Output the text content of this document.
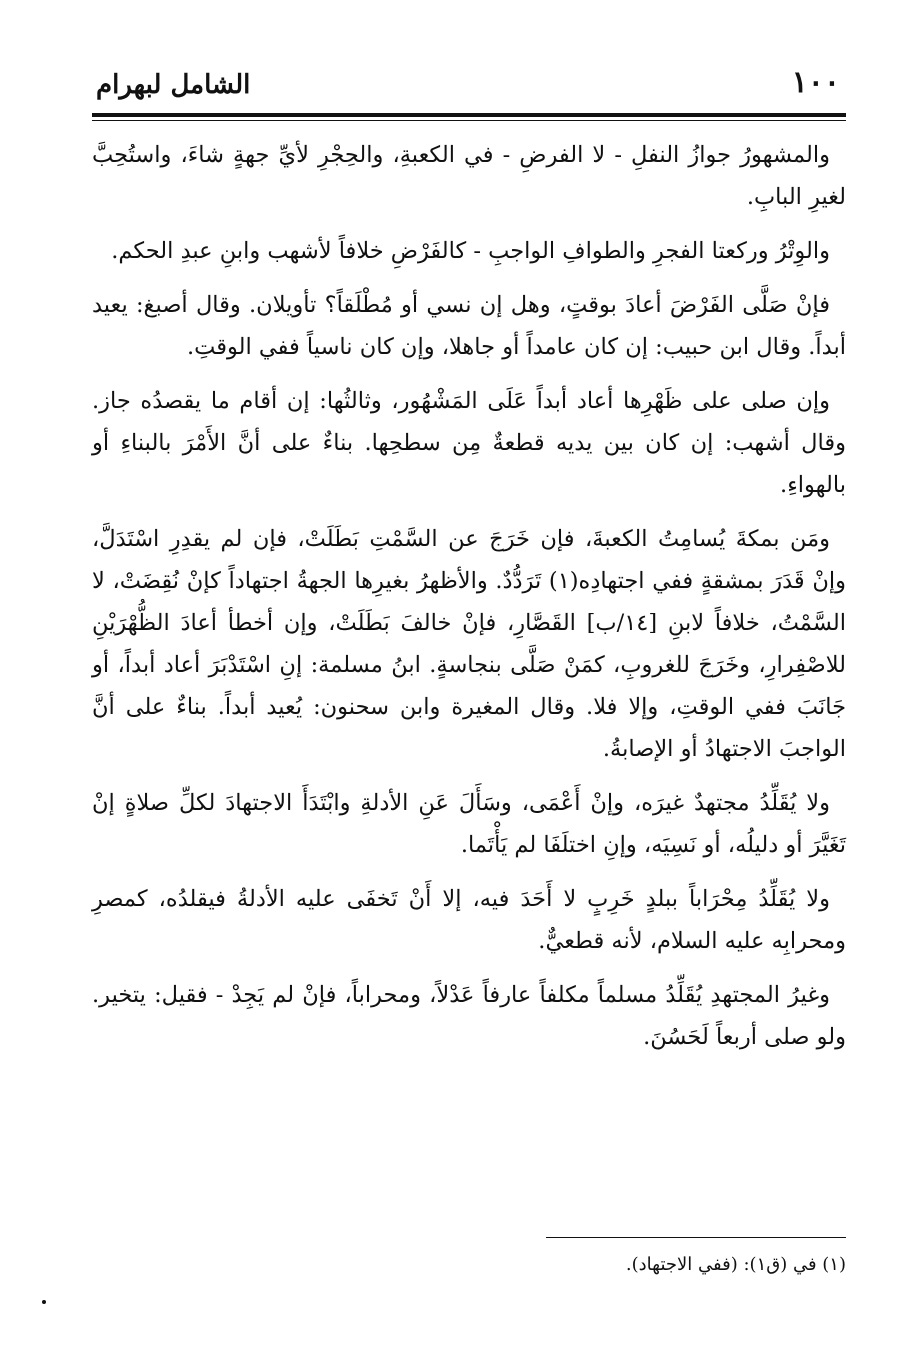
١٠٠
الشامل لبهرام

والمشهورُ جوازُ النفلِ - لا الفرضِ - في الكعبةِ، والحِجْرِ لأيِّ جهةٍ شاءَ، واستُحِبَّ لغيرِ البابِ.

والوِتْرُ وركعتا الفجرِ والطوافِ الواجبِ - كالفَرْضِ خلافاً لأشهب وابنِ عبدِ الحكم.

فإنْ صَلَّى الفَرْضَ أعادَ بوقتٍ، وهل إن نسي أو مُطْلَقاً؟ تأويلان. وقال أصبغ: يعيد أبداً. وقال ابن حبيب: إن كان عامداً أو جاهلا، وإن كان ناسياً ففي الوقتِ.

وإن صلى على ظَهْرِها أعاد أبداً عَلَى المَشْهُور، وثالثُها: إن أقام ما يقصدُه جاز. وقال أشهب: إن كان بين يديه قطعةٌ مِن سطحِها. بناءٌ على أنَّ الأَمْرَ بالبناءِ أو بالهواءِ.

ومَن بمكةَ يُسامِتُ الكعبةَ، فإن خَرَجَ عن السَّمْتِ بَطَلَتْ، فإن لم يقدِرِ اسْتَدَلَّ، وإنْ قَدَرَ بمشقةٍ ففي اجتهادِه(١) تَرَدُّدٌ. والأظهرُ بغيرِها الجهةُ اجتهاداً كإنْ نُقِضَتْ، لا السَّمْتُ، خلافاً لابنِ [١٤/ب] القَصَّارِ، فإنْ خالفَ بَطَلَتْ، وإن أخطأ أعادَ الظُّهْرَيْنِ للاصْفِرارِ، وخَرَجَ للغروبِ، كمَنْ صَلَّى بنجاسةٍ. ابنُ مسلمة: إنِ اسْتَدْبَرَ أعاد أبداً، أو جَانَبَ ففي الوقتِ، وإلا فلا. وقال المغيرة وابن سحنون: يُعيد أبداً. بناءٌ على أنَّ الواجبَ الاجتهادُ أو الإصابةُ.

ولا يُقَلِّدُ مجتهدٌ غيرَه، وإنْ أَعْمَى، وسَأَلَ عَنِ الأدلةِ وابْتَدَأَ الاجتهادَ لكلِّ صلاةٍ إنْ تَغَيَّرَ أو دليلُه، أو نَسِيَه، وإنِ اختلَفَا لم يَأْتَما.

ولا يُقَلِّدُ مِحْرَاباً ببلدٍ خَرِبٍ لا أَحَدَ فيه، إلا أَنْ تَخفَى عليه الأدلةُ فيقلدُه، كمصرِ ومحرابِه عليه السلام، لأنه قطعيٌّ.

وغيرُ المجتهدِ يُقَلِّدُ مسلماً مكلفاً عارفاً عَدْلاً، ومحراباً، فإنْ لم يَجِدْ - فقيل: يتخير. ولو صلى أربعاً لَحَسُنَ.

(١) في (ق١): (ففي الاجتهاد).
